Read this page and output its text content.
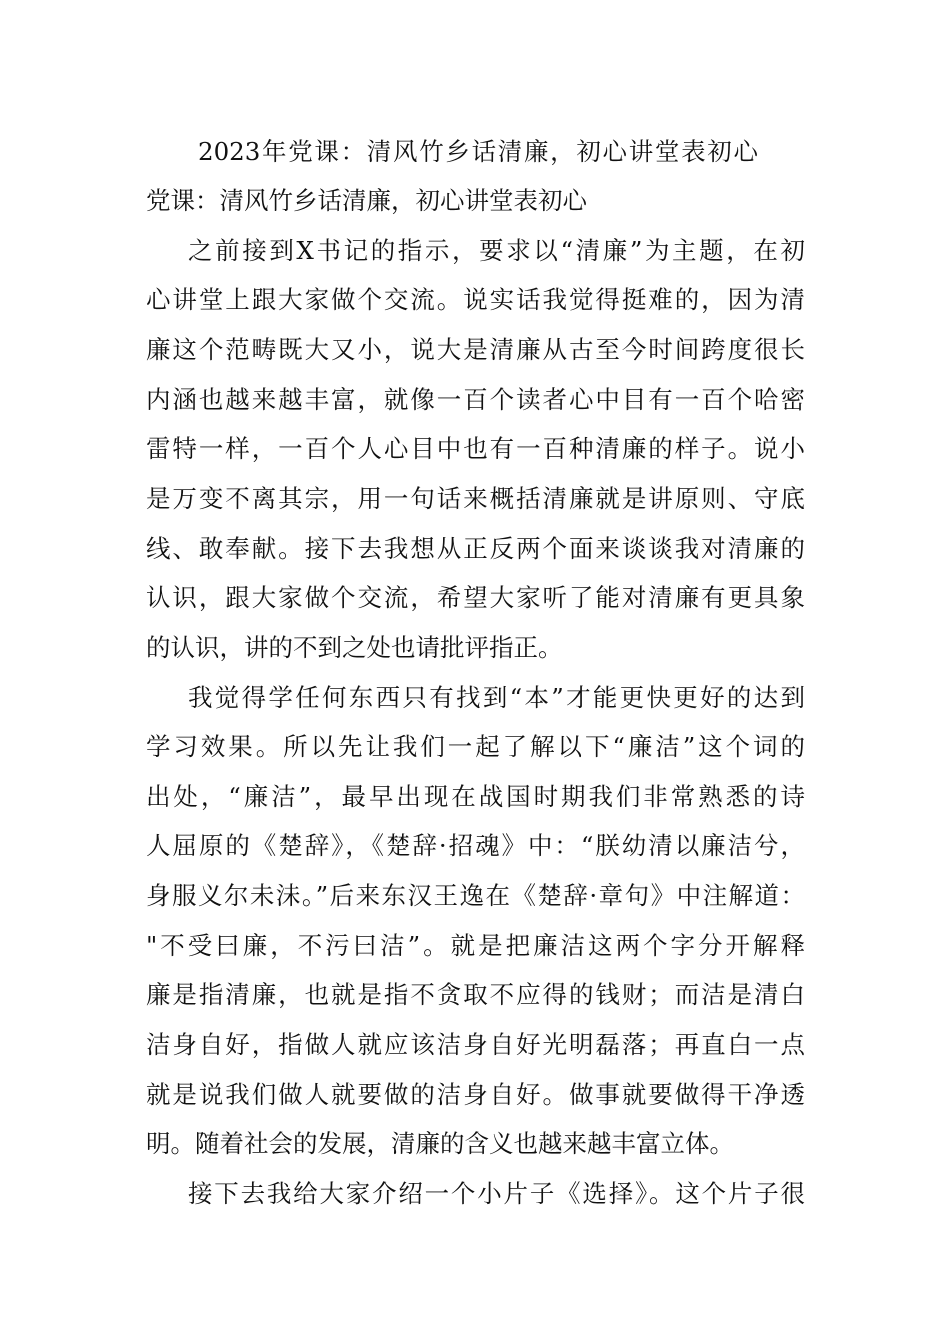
2023年党课：清风竹乡话清廉，初心讲堂表初心
党课：清风竹乡话清廉，初心讲堂表初心
之前接到X书记的指示，要求以“清廉”为主题，在初
心讲堂上跟大家做个交流。说实话我觉得挺难的，因为清
廉这个范畴既大又小，说大是清廉从古至今时间跨度很长
内涵也越来越丰富，就像一百个读者心中目有一百个哈密
雷特一样，一百个人心目中也有一百种清廉的样子。说小
是万变不离其宗，用一句话来概括清廉就是讲原则、守底
线、敢奉献。接下去我想从正反两个面来谈谈我对清廉的
认识，跟大家做个交流，希望大家听了能对清廉有更具象
的认识，讲的不到之处也请批评指正。
我觉得学任何东西只有找到“本”才能更快更好的达到
学习效果。所以先让我们一起了解以下“廉洁”这个词的
出处，“廉洁”，最早出现在战国时期我们非常熟悉的诗
人屈原的《楚辞》，《楚辞·招魂》中：“朕幼清以廉洁兮，
身服义尔未沬。”后来东汉王逸在《楚辞·章句》中注解道：
"不受曰廉，不污曰洁”。就是把廉洁这两个字分开解释
廉是指清廉，也就是指不贪取不应得的钱财；而洁是清白
洁身自好，指做人就应该洁身自好光明磊落；再直白一点
就是说我们做人就要做的洁身自好。做事就要做得干净透
明。随着社会的发展，清廉的含义也越来越丰富立体。
接下去我给大家介绍一个小片子《选择》。这个片子很
